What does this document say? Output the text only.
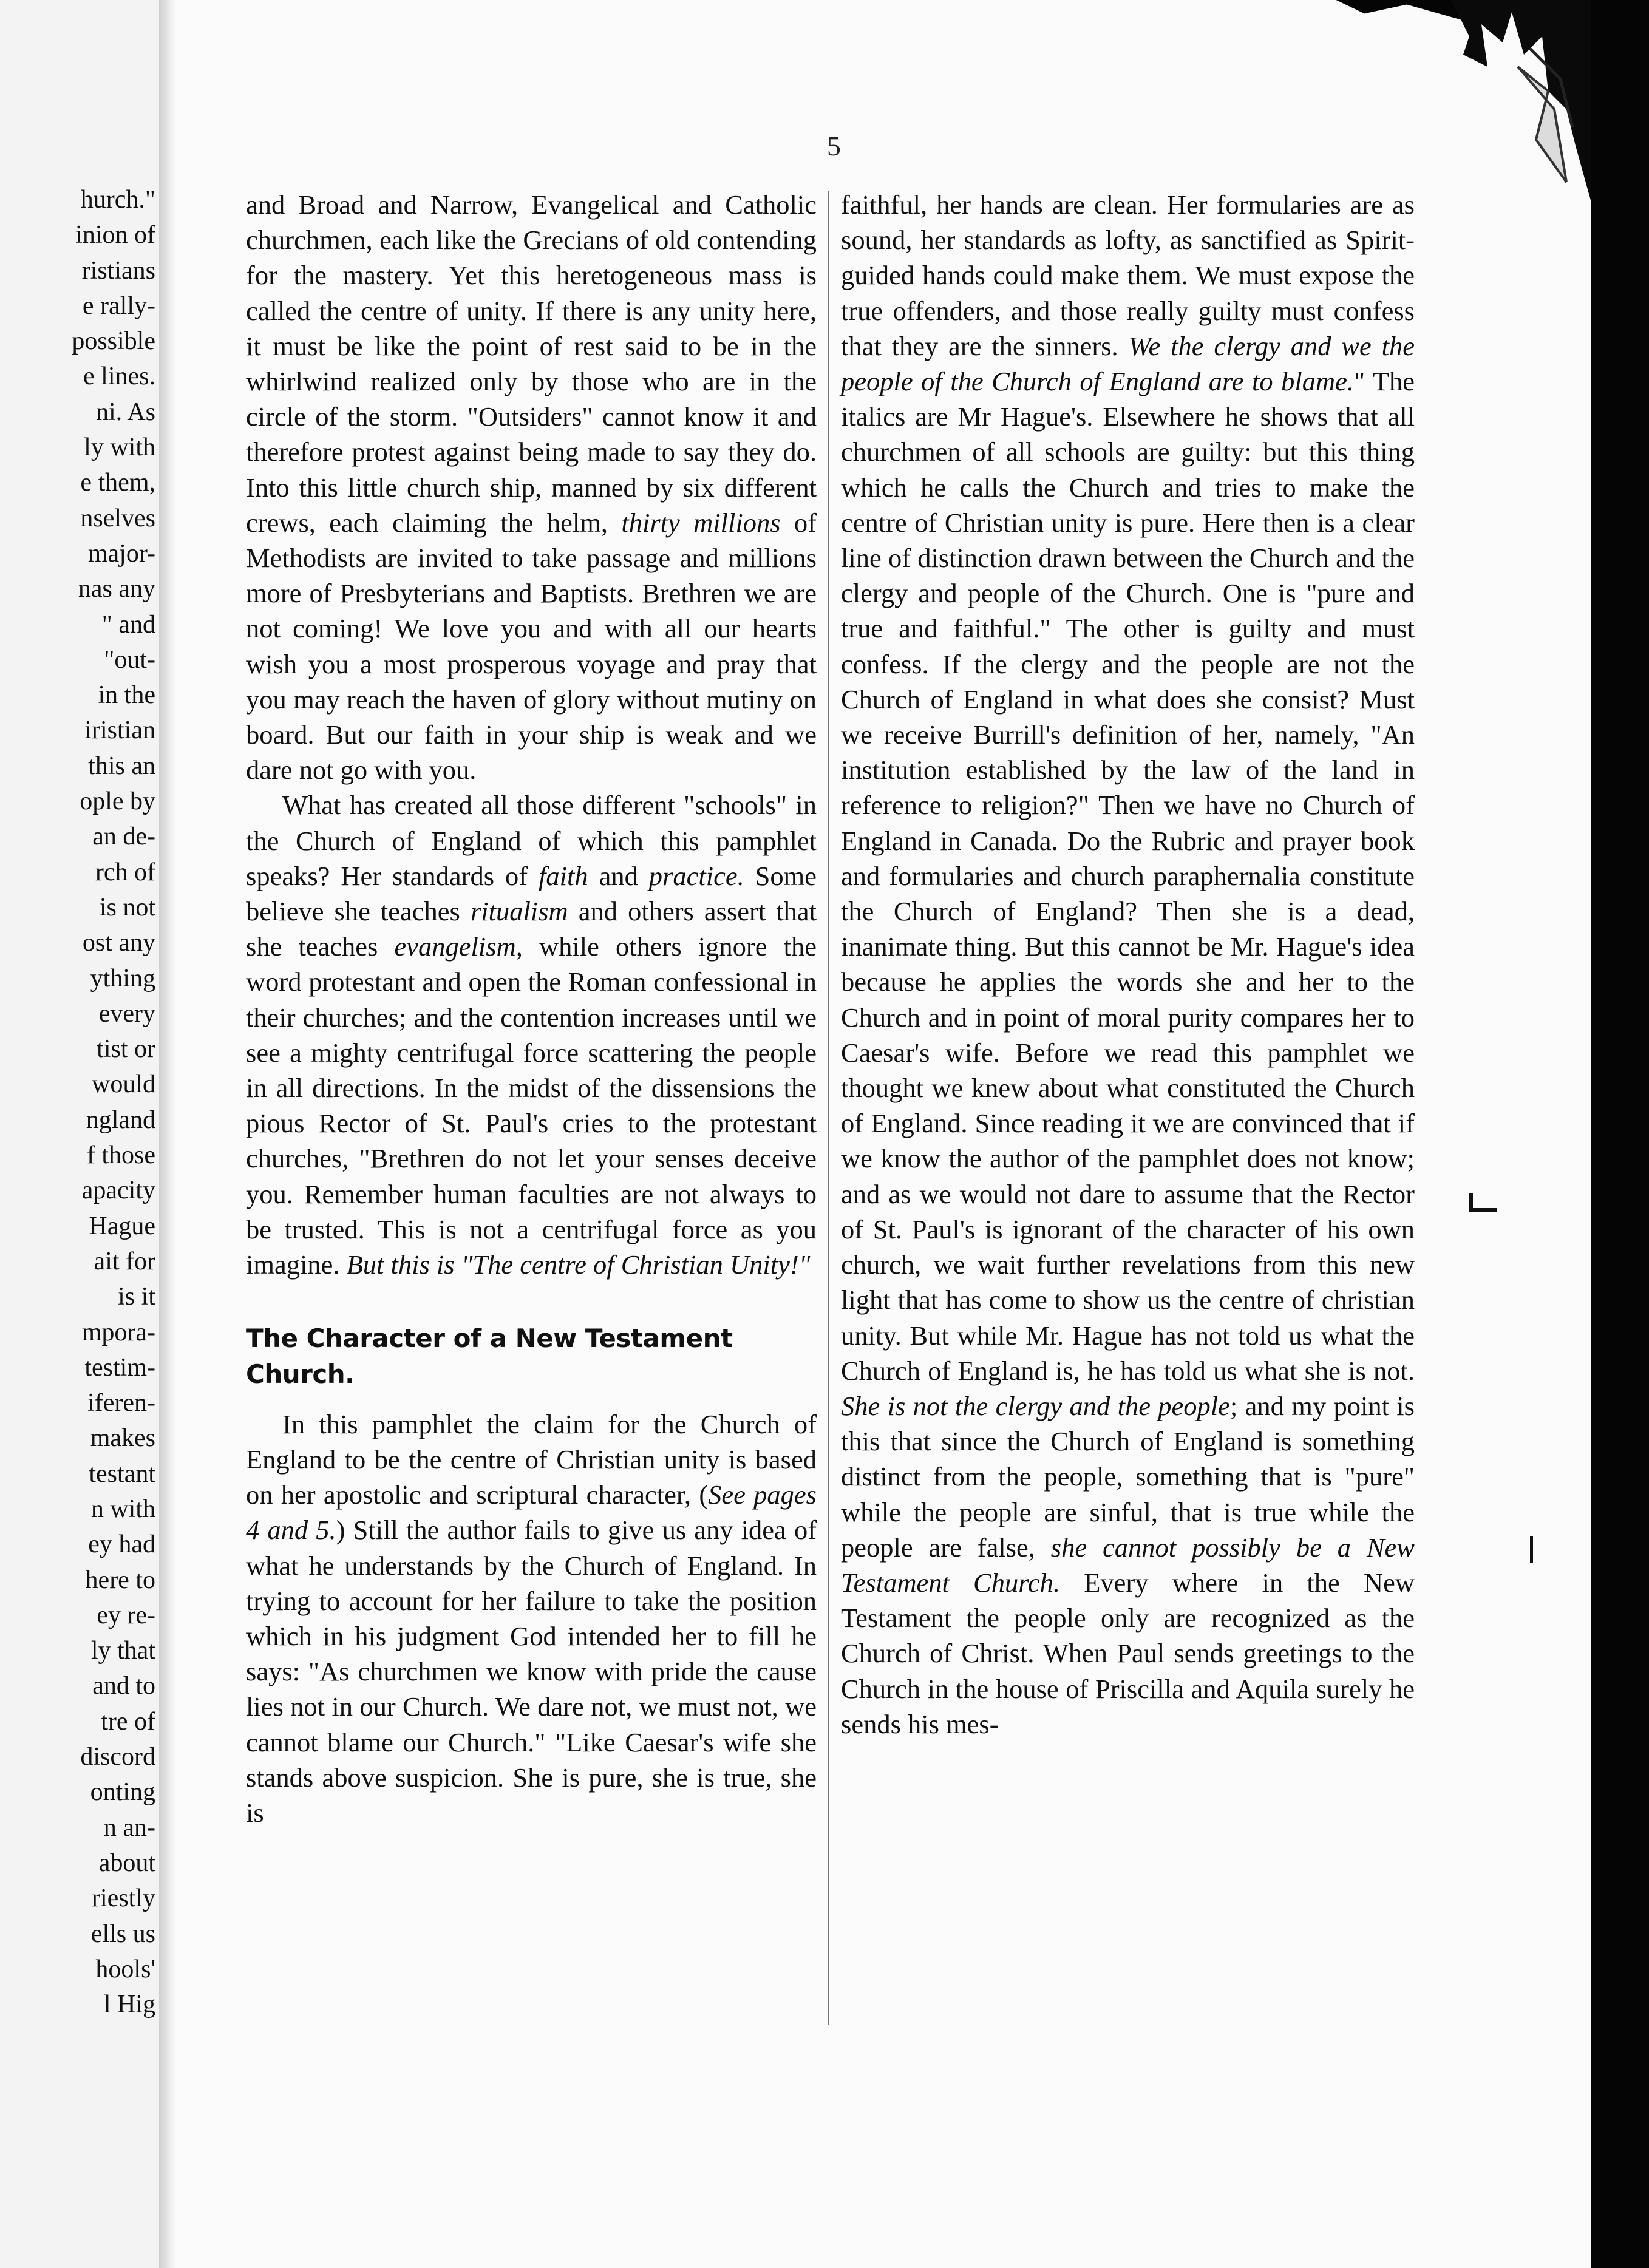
hurch."
inion of
ristians
e rally-
possible
e lines.
ni. As
ly with
e them,
nselves
major-
nas any
" and
"out-
in the
iristian
this an
ople by
an de-
rch of
is not
ost any
ything
every
tist or
would
ngland
f those
apacity
Hague
ait for
is it
mpora-
testim-
iferen-
makes
testant
n with
ey had
here to
ey re-
ly that
and to
tre of
discord
onting
n an-
about
riestly
ells us
hools'
l Hig
5

and Broad and Narrow, Evangelical and Catholic churchmen, each like the Grecians of old contending for the mastery. Yet this heretogeneous mass is called the centre of unity. If there is any unity here, it must be like the point of rest said to be in the whirlwind realized only by those who are in the circle of the storm. "Outsiders" cannot know it and therefore protest against being made to say they do. Into this little church ship, manned by six different crews, each claiming the helm, thirty millions of Methodists are invited to take passage and millions more of Presbyterians and Baptists. Brethren we are not coming! We love you and with all our hearts wish you a most prosperous voyage and pray that you may reach the haven of glory without mutiny on board. But our faith in your ship is weak and we dare not go with you.

What has created all those different "schools" in the Church of England of which this pamphlet speaks? Her standards of faith and practice. Some believe she teaches ritualism and others assert that she teaches evangelism, while others ignore the word protestant and open the Roman confessional in their churches; and the contention increases until we see a mighty centrifugal force scattering the people in all directions. In the midst of the dissensions the pious Rector of St. Paul's cries to the protestant churches, "Brethren do not let your senses deceive you. Remember human faculties are not always to be trusted. This is not a centrifugal force as you imagine. But this is "The centre of Christian Unity!"

The Character of a New Testament Church.

In this pamphlet the claim for the Church of England to be the centre of Christian unity is based on her apostolic and scriptural character, (See pages 4 and 5.) Still the author fails to give us any idea of what he understands by the Church of England. In trying to account for her failure to take the position which in his judgment God intended her to fill he says: "As churchmen we know with pride the cause lies not in our Church. We dare not, we must not, we cannot blame our Church." "Like Caesar's wife she stands above suspicion. She is pure, she is true, she is

faithful, her hands are clean. Her formularies are as sound, her standards as lofty, as sanctified as Spirit-guided hands could make them. We must expose the true offenders, and those really guilty must confess that they are the sinners. We the clergy and we the people of the Church of England are to blame." The italics are Mr Hague's. Elsewhere he shows that all churchmen of all schools are guilty: but this thing which he calls the Church and tries to make the centre of Christian unity is pure. Here then is a clear line of distinction drawn between the Church and the clergy and people of the Church. One is "pure and true and faithful." The other is guilty and must confess. If the clergy and the people are not the Church of England in what does she consist? Must we receive Burrill's definition of her, namely, "An institution established by the law of the land in reference to religion?" Then we have no Church of England in Canada. Do the Rubric and prayer book and formularies and church paraphernalia constitute the Church of England? Then she is a dead, inanimate thing. But this cannot be Mr. Hague's idea because he applies the words she and her to the Church and in point of moral purity compares her to Caesar's wife. Before we read this pamphlet we thought we knew about what constituted the Church of England. Since reading it we are convinced that if we know the author of the pamphlet does not know; and as we would not dare to assume that the Rector of St. Paul's is ignorant of the character of his own church, we wait further revelations from this new light that has come to show us the centre of christian unity. But while Mr. Hague has not told us what the Church of England is, he has told us what she is not. She is not the clergy and the people; and my point is this that since the Church of England is something distinct from the people, something that is "pure" while the people are sinful, that is true while the people are false, she cannot possibly be a New Testament Church. Every where in the New Testament the people only are recognized as the Church of Christ. When Paul sends greetings to the Church in the house of Priscilla and Aquila surely he sends his mes-
